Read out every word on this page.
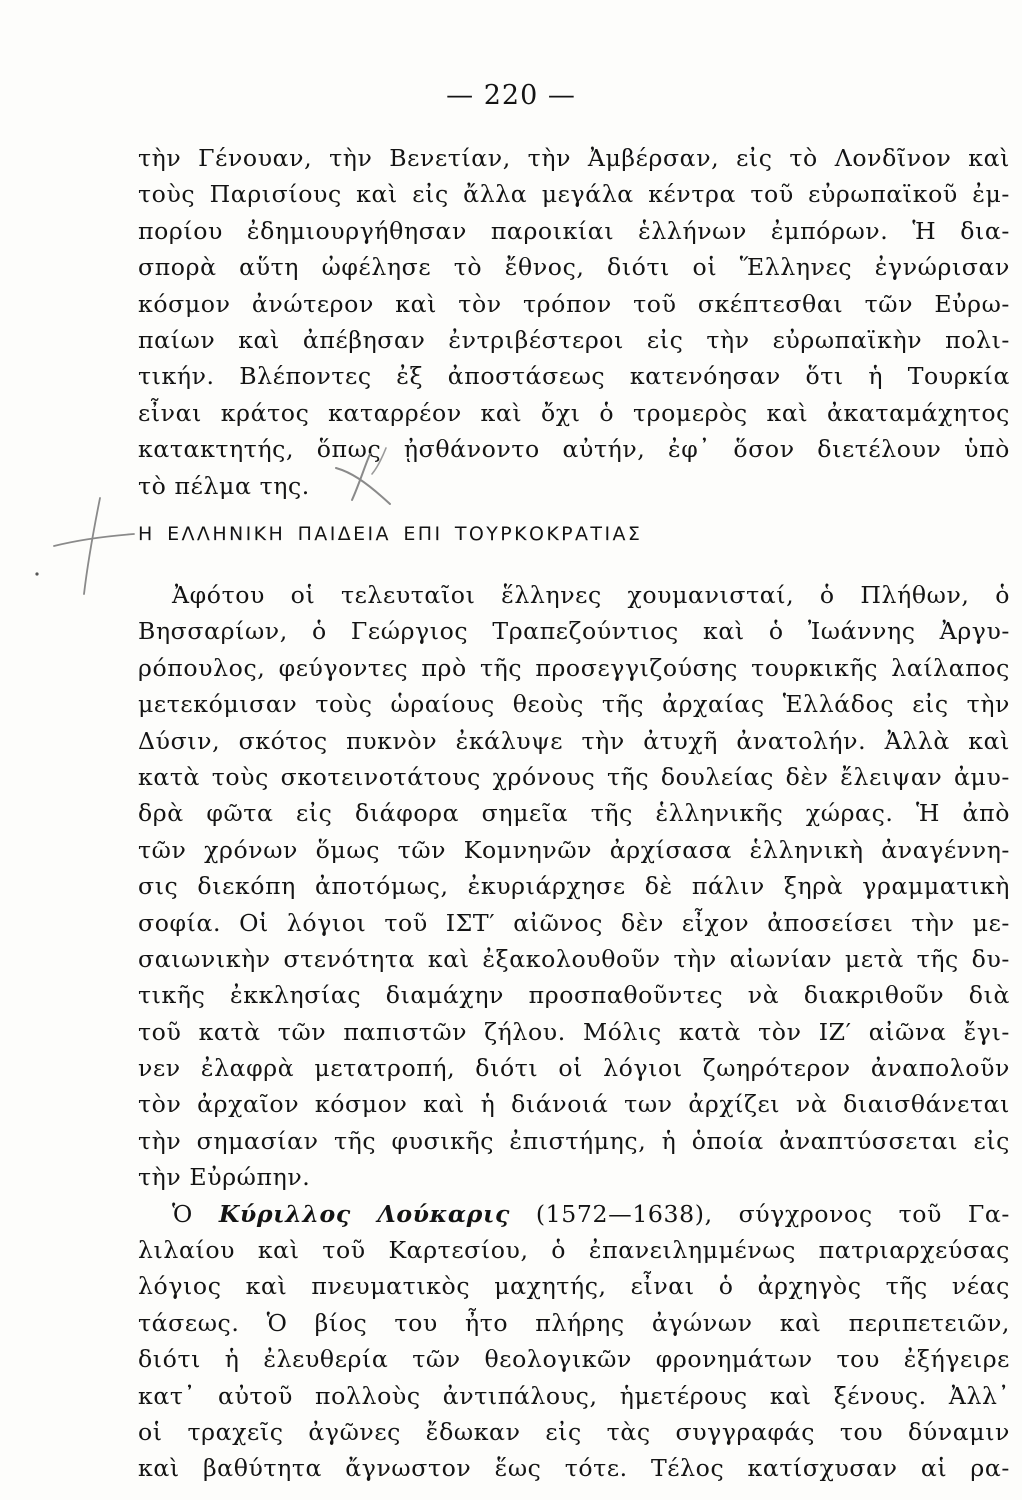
— 220 —
τὴν Γένουαν, τὴν Βενετίαν, τὴν Ἀμβέρσαν, εἰς τὸ Λονδῖνον καὶ
τοὺς Παρισίους καὶ εἰς ἄλλα μεγάλα κέντρα τοῦ εὐρωπαϊκοῦ ἐμ-
πορίου ἐδημιουργήθησαν παροικίαι ἑλλήνων ἐμπόρων. Ἡ δια-
σπορὰ αὕτη ὠφέλησε τὸ ἔθνος, διότι οἱ Ἕλληνες ἐγνώρισαν
κόσμον ἀνώτερον καὶ τὸν τρόπον τοῦ σκέπτεσθαι τῶν Εὐρω-
παίων καὶ ἀπέβησαν ἐντριβέστεροι εἰς τὴν εὐρωπαϊκὴν πολι-
τικήν. Βλέποντες ἐξ ἀποστάσεως κατενόησαν ὅτι ἡ Τουρκία
εἶναι κράτος καταρρέον καὶ ὄχι ὁ τρομερὸς καὶ ἀκαταμάχητος
κατακτητής, ὅπως ᾐσθάνοντο αὐτήν, ἐφ᾽ ὅσον διετέλουν ὑπὸ
τὸ πέλμα της.
Η ΕΛΛΗΝΙΚΗ ΠΑΙΔΕΙΑ ΕΠΙ ΤΟΥΡΚΟΚΡΑΤΙΑΣ
Ἀφότου οἱ τελευταῖοι ἕλληνες χουμανισταί, ὁ Πλήθων, ὁ
Βησσαρίων, ὁ Γεώργιος Τραπεζούντιος καὶ ὁ Ἰωάννης Ἀργυ-
ρόπουλος, φεύγοντες πρὸ τῆς προσεγγιζούσης τουρκικῆς λαίλαπος
μετεκόμισαν τοὺς ὡραίους θεοὺς τῆς ἀρχαίας Ἑλλάδος εἰς τὴν
Δύσιν, σκότος πυκνὸν ἐκάλυψε τὴν ἀτυχῆ ἀνατολήν. Ἀλλὰ καὶ
κατὰ τοὺς σκοτεινοτάτους χρόνους τῆς δουλείας δὲν ἔλειψαν ἀμυ-
δρὰ φῶτα εἰς διάφορα σημεῖα τῆς ἑλληνικῆς χώρας. Ἡ ἀπὸ
τῶν χρόνων ὅμως τῶν Κομνηνῶν ἀρχίσασα ἑλληνικὴ ἀναγέννη-
σις διεκόπη ἀποτόμως, ἐκυριάρχησε δὲ πάλιν ξηρὰ γραμματικὴ
σοφία. Οἱ λόγιοι τοῦ ΙΣΤ′ αἰῶνος δὲν εἶχον ἀποσείσει τὴν με-
σαιωνικὴν στενότητα καὶ ἐξακολουθοῦν τὴν αἰωνίαν μετὰ τῆς δυ-
τικῆς ἐκκλησίας διαμάχην προσπαθοῦντες νὰ διακριθοῦν διὰ
τοῦ κατὰ τῶν παπιστῶν ζήλου. Μόλις κατὰ τὸν ΙΖ′ αἰῶνα ἔγι-
νεν ἐλαφρὰ μετατροπή, διότι οἱ λόγιοι ζωηρότερον ἀναπολοῦν
τὸν ἀρχαῖον κόσμον καὶ ἡ διάνοιά των ἀρχίζει νὰ διαισθάνεται
τὴν σημασίαν τῆς φυσικῆς ἐπιστήμης, ἡ ὁποία ἀναπτύσσεται εἰς
τὴν Εὐρώπην.
Ὁ Κύριλλος Λούκαρις (1572—1638), σύγχρονος τοῦ Γα-
λιλαίου καὶ τοῦ Καρτεσίου, ὁ ἐπανειλημμένως πατριαρχεύσας
λόγιος καὶ πνευματικὸς μαχητής, εἶναι ὁ ἀρχηγὸς τῆς νέας
τάσεως. Ὁ βίος του ἦτο πλήρης ἀγώνων καὶ περιπετειῶν,
διότι ἡ ἐλευθερία τῶν θεολογικῶν φρονημάτων του ἐξήγειρε
κατ᾽ αὐτοῦ πολλοὺς ἀντιπάλους, ἡμετέρους καὶ ξένους. Ἀλλ᾽
οἱ τραχεῖς ἀγῶνες ἔδωκαν εἰς τὰς συγγραφάς του δύναμιν
καὶ βαθύτητα ἄγνωστον ἕως τότε. Τέλος κατίσχυσαν αἱ ρα-
